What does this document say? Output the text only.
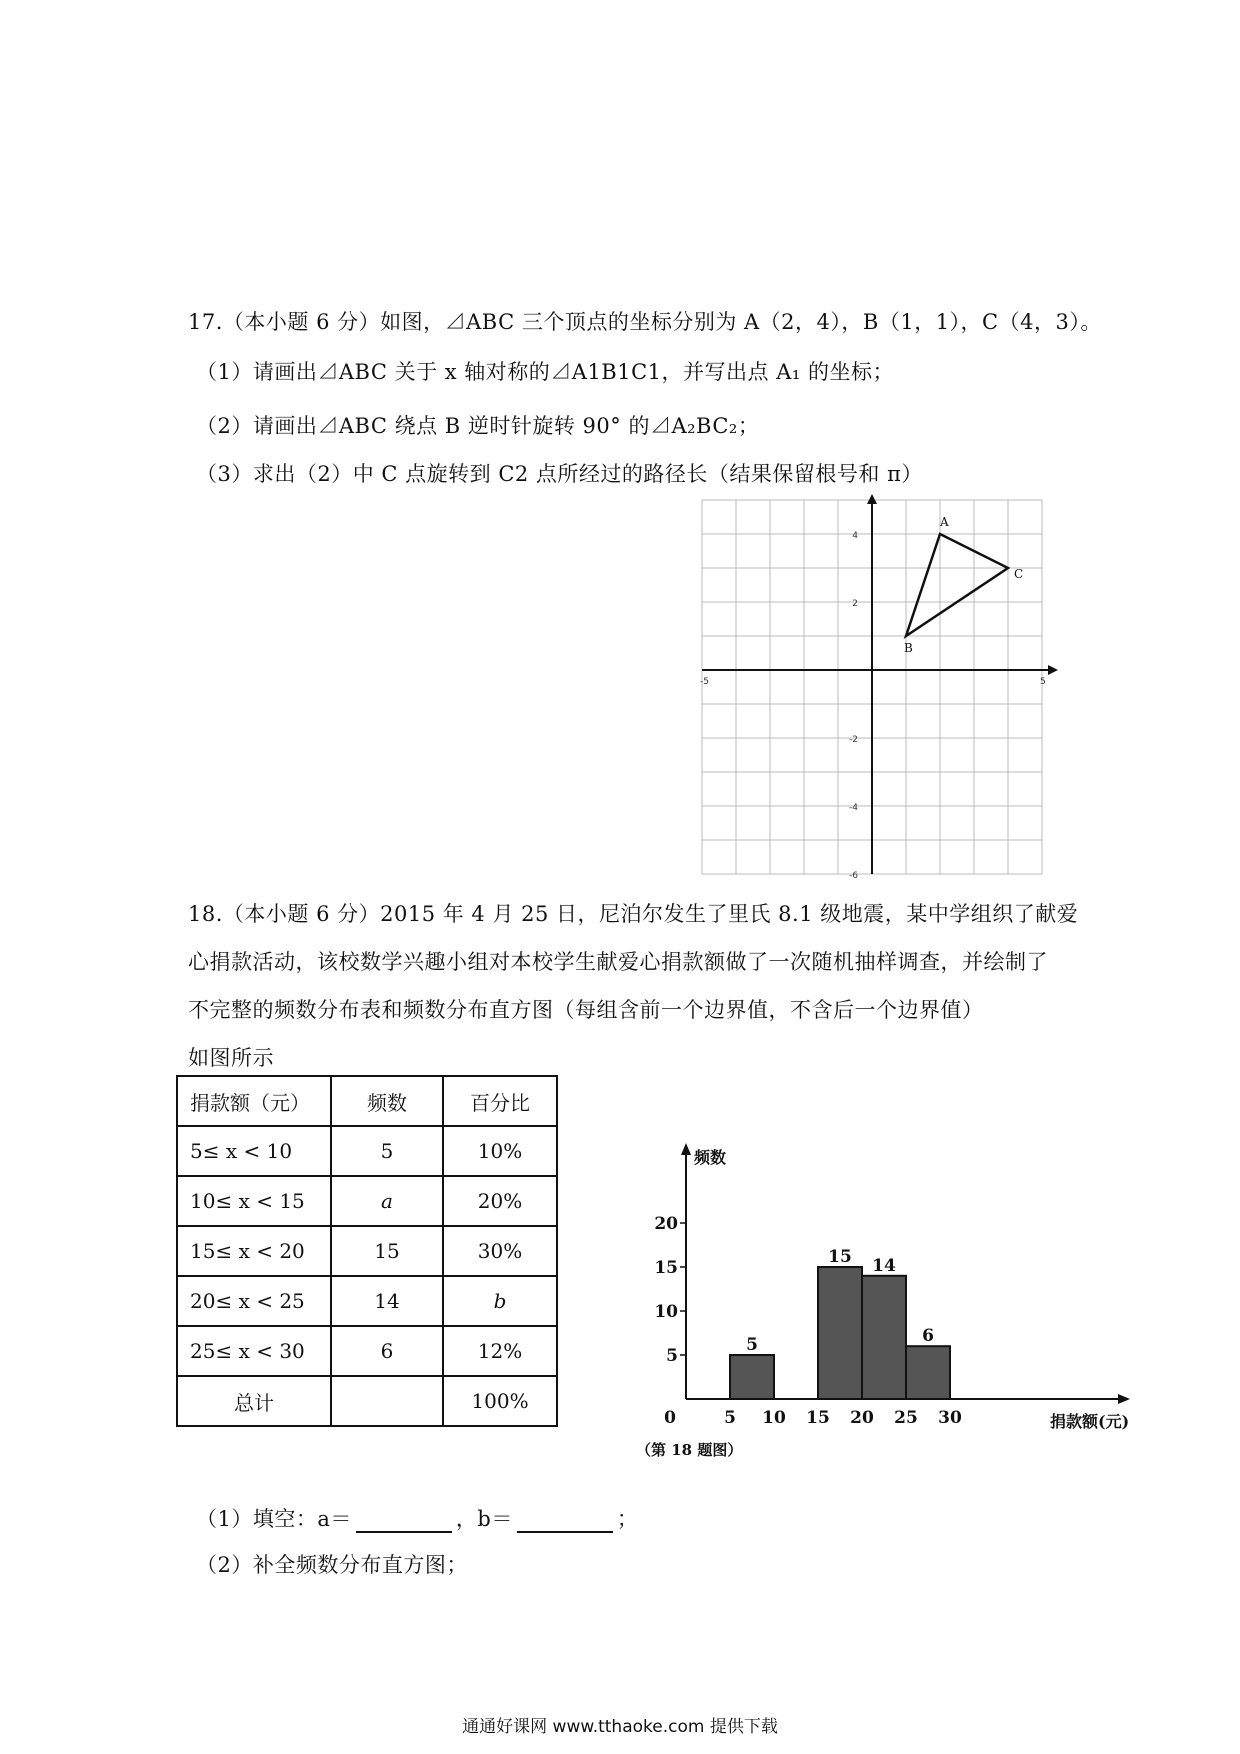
17.（本小题 6 分）如图，⊿ABC 三个顶点的坐标分别为 A（2，4），B（1，1），C（4，3）。
（1）请画出⊿ABC 关于 x 轴对称的⊿A1B1C1，并写出点 A₁ 的坐标；
（2）请画出⊿ABC 绕点 B 逆时针旋转 90° 的⊿A₂BC₂；
（3）求出（2）中 C 点旋转到 C2 点所经过的路径长（结果保留根号和 π）
-5	5
4
2
-2
-4
-6
A
B
C
18.（本小题 6 分）2015 年 4 月 25 日，尼泊尔发生了里氏 8.1 级地震，某中学组织了献爱
心捐款活动，该校数学兴趣小组对本校学生献爱心捐款额做了一次随机抽样调查，并绘制了
不完整的频数分布表和频数分布直方图（每组含前一个边界值，不含后一个边界值）
如图所示
捐款额（元）	频数	百分比
5≤ x < 10	5	10%
10≤ x < 15	a	20%
15≤ x < 20	15	30%
20≤ x < 25	14	b
25≤ x < 30	6	12%
总计		100%
频数
5
10
15
20
0	5 10 15 20 25 30
5
15 14
6
捐款额(元)
（第 18 题图）
（1）填空：a＝	，b＝	；
（2）补全频数分布直方图；
通通好课网 www.tthaoke.com 提供下载
